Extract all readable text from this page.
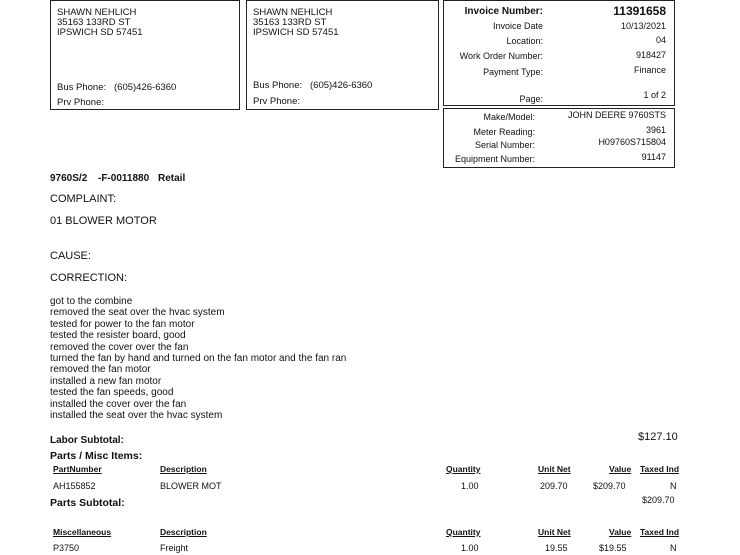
SHAWN NEHLICH
35163 133RD ST
IPSWICH SD 57451
Bus Phone: (605)426-6360
Prv Phone:
SHAWN NEHLICH
35163 133RD ST
IPSWICH SD 57451
Bus Phone: (605)426-6360
Prv Phone:
Invoice Number:	11391658
Invoice Date	10/13/2021
Location:	04
Work Order Number:	918427
Payment Type:	Finance
Page:	1 of 2
Make/Model:	JOHN DEERE 9760STS
Meter Reading:	3961
Serial Number:	H09760S715804
Equipment Number:	91147
9760S/2 -F-0011880 Retail
COMPLAINT:
01 BLOWER MOTOR
CAUSE:
CORRECTION:
got to the combine
removed the seat over the hvac system
tested for power to the fan motor
tested the resister board, good
removed the cover over the fan
turned the fan by hand and turned on the fan motor and the fan ran
removed the fan motor
installed a new fan motor
tested the fan speeds, good
installed the cover over the fan
installed the seat over the hvac system
Labor Subtotal:	$127.10
Parts / Misc Items:
PartNumber	Description	Quantity	Unit Net	Value Taxed Ind
AH155852	BLOWER MOT	1.00	209.70	$209.70	N
Parts Subtotal:	$209.70
Miscellaneous	Description	Quantity	Unit Net	Value Taxed Ind
P3750	Freight	1.00	19.55	$19.55	N
